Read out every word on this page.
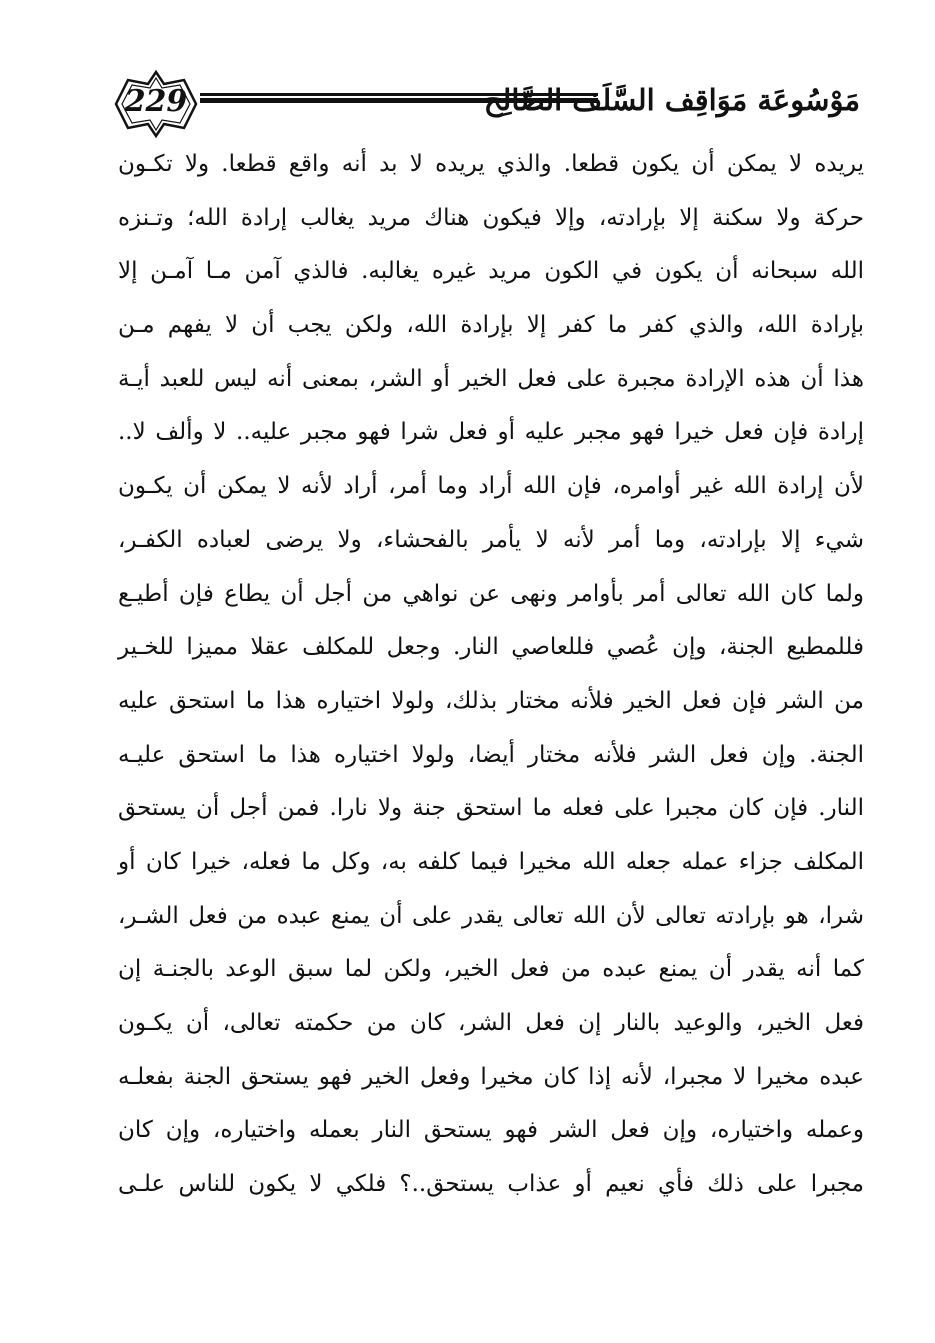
229	مَوْسُوعَة مَوَاقِف السَّلَف الصَّالِح
يريده لا يمكن أن يكون قطعا. والذي يريده لا بد أنه واقع قطعا. ولا تكـون
حركة ولا سكنة إلا بإرادته، وإلا فيكون هناك مريد يغالب إرادة الله؛ وتـنزه
الله سبحانه أن يكون في الكون مريد غيره يغالبه. فالذي آمن مـا آمـن إلا
بإرادة الله، والذي كفر ما كفر إلا بإرادة الله، ولكن يجب أن لا يفهم مـن
هذا أن هذه الإرادة مجبرة على فعل الخير أو الشر، بمعنى أنه ليس للعبد أيـة
إرادة فإن فعل خيرا فهو مجبر عليه أو فعل شرا فهو مجبر عليه.. لا وألف لا..
لأن إرادة الله غير أوامره، فإن الله أراد وما أمر، أراد لأنه لا يمكن أن يكـون
شيء إلا بإرادته، وما أمر لأنه لا يأمر بالفحشاء، ولا يرضى لعباده الكفـر،
ولما كان الله تعالى أمر بأوامر ونهى عن نواهي من أجل أن يطاع فإن أطيـع
فللمطيع الجنة، وإن عُصي فللعاصي النار. وجعل للمكلف عقلا مميزا للخـير
من الشر فإن فعل الخير فلأنه مختار بذلك، ولولا اختياره هذا ما استحق عليه
الجنة. وإن فعل الشر فلأنه مختار أيضا، ولولا اختياره هذا ما استحق عليـه
النار. فإن كان مجبرا على فعله ما استحق جنة ولا نارا. فمن أجل أن يستحق
المكلف جزاء عمله جعله الله مخيرا فيما كلفه به، وكل ما فعله، خيرا كان أو
شرا، هو بإرادته تعالى لأن الله تعالى يقدر على أن يمنع عبده من فعل الشـر،
كما أنه يقدر أن يمنع عبده من فعل الخير، ولكن لما سبق الوعد بالجنـة إن
فعل الخير، والوعيد بالنار إن فعل الشر، كان من حكمته تعالى، أن يكـون
عبده مخيرا لا مجبرا، لأنه إذا كان مخيرا وفعل الخير فهو يستحق الجنة بفعلـه
وعمله واختياره، وإن فعل الشر فهو يستحق النار بعمله واختياره، وإن كان
مجبرا على ذلك فأي نعيم أو عذاب يستحق..؟ فلكي لا يكون للناس علـى
